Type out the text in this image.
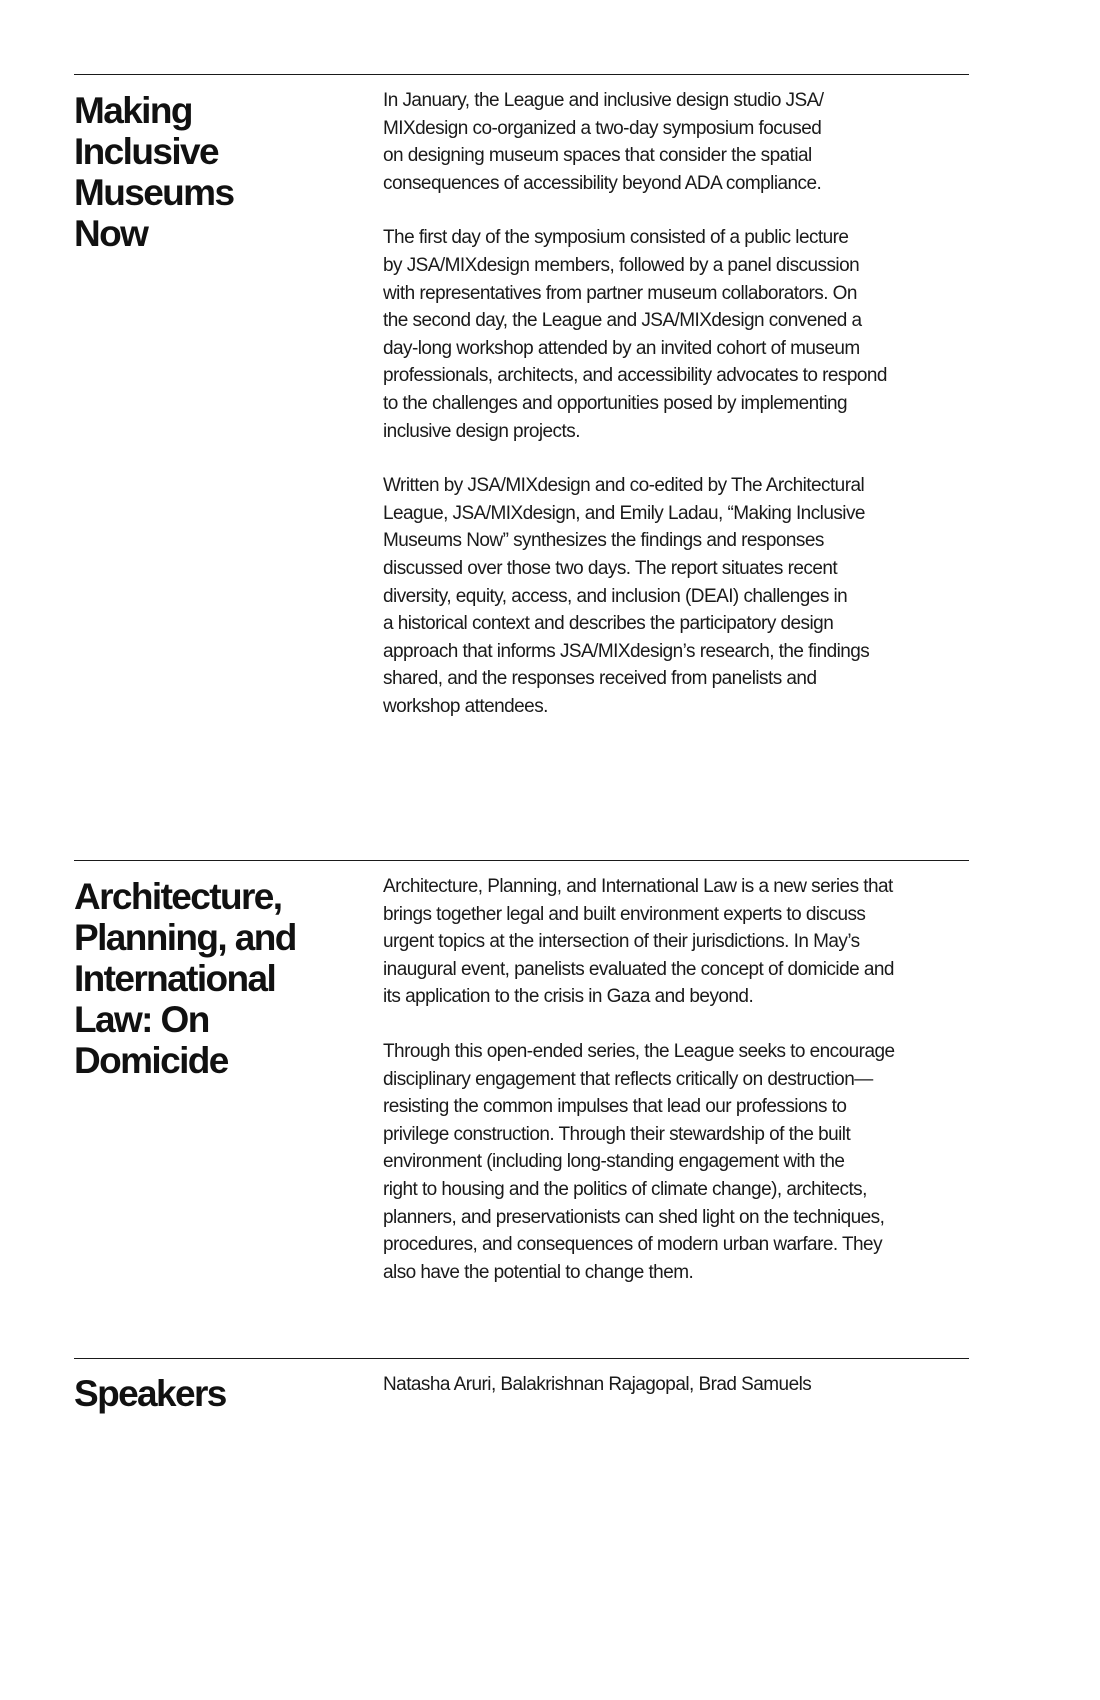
Making
Inclusive
Museums
Now

In January, the League and inclusive design studio JSA/
MIXdesign co-organized a two-day symposium focused
on designing museum spaces that consider the spatial
consequences of accessibility beyond ADA compliance.

The first day of the symposium consisted of a public lecture
by JSA/MIXdesign members, followed by a panel discussion
with representatives from partner museum collaborators. On
the second day, the League and JSA/MIXdesign convened a
day-long workshop attended by an invited cohort of museum
professionals, architects, and accessibility advocates to respond
to the challenges and opportunities posed by implementing
inclusive design projects.

Written by JSA/MIXdesign and co-edited by The Architectural
League, JSA/MIXdesign, and Emily Ladau, “Making Inclusive
Museums Now” synthesizes the findings and responses
discussed over those two days. The report situates recent
diversity, equity, access, and inclusion (DEAI) challenges in
a historical context and describes the participatory design
approach that informs JSA/MIXdesign’s research, the findings
shared, and the responses received from panelists and
workshop attendees.

Architecture,
Planning, and
International
Law: On
Domicide

Architecture, Planning, and International Law is a new series that
brings together legal and built environment experts to discuss
urgent topics at the intersection of their jurisdictions. In May’s
inaugural event, panelists evaluated the concept of domicide and
its application to the crisis in Gaza and beyond.

Through this open-ended series, the League seeks to encourage
disciplinary engagement that reflects critically on destruction—
resisting the common impulses that lead our professions to
privilege construction. Through their stewardship of the built
environment (including long-standing engagement with the
right to housing and the politics of climate change), architects,
planners, and preservationists can shed light on the techniques,
procedures, and consequences of modern urban warfare. They
also have the potential to change them.

Speakers	Natasha Aruri, Balakrishnan Rajagopal, Brad Samuels
